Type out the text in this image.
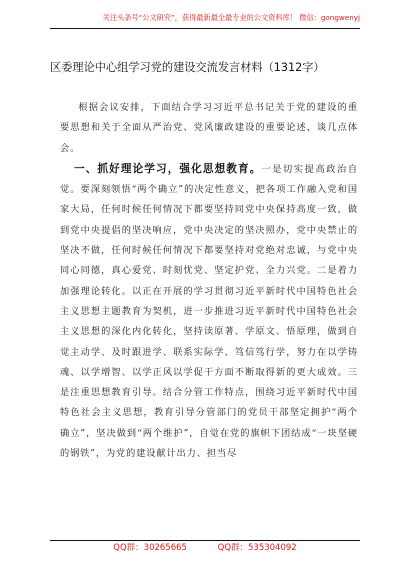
关注头条号“公文研究”，获得最新最全最专业的公文资料库！ 微信：gongwenyj
区委理论中心组学习党的建设交流发言材料（1312字）

根据会议安排，下面结合学习习近平总书记关于党的建设的重要思想和关于全面从严治党、党风廉政建设的重要论述，谈几点体会。

一、抓好理论学习，强化思想教育。一是切实提高政治自觉。要深刻领悟“两个确立”的决定性意义，把各项工作融入党和国家大局，任何时候任何情况下都要坚持同党中央保持高度一致，做到党中央提倡的坚决响应，党中央决定的坚决照办，党中央禁止的坚决不做，任何时候任何情况下都要坚持对党绝对忠诚，与党中央同心同德，真心爱党、时刻忧党、坚定护党、全力兴党。二是着力加强理论转化。以正在开展的学习贯彻习近平新时代中国特色社会主义思想主题教育为契机，进一步推进习近平新时代中国特色社会主义思想的深化内化转化，坚持读原著、学原文、悟原理，做到自觉主动学、及时跟进学、联系实际学、笃信笃行学，努力在以学铸魂、以学增智、以学正风以学促干方面不断取得新的更大成效。三是注重思想教育引导。结合分管工作特点，围绕习近平新时代中国特色社会主义思想，教育引导分管部门的党员干部坚定拥护“两个确立”，坚决做到“两个维护”，自觉在党的旗帜下团结成“一块坚硬的钢铁”，为党的建设献计出力、担当尽

QQ群：30265665	QQ群：535304092
